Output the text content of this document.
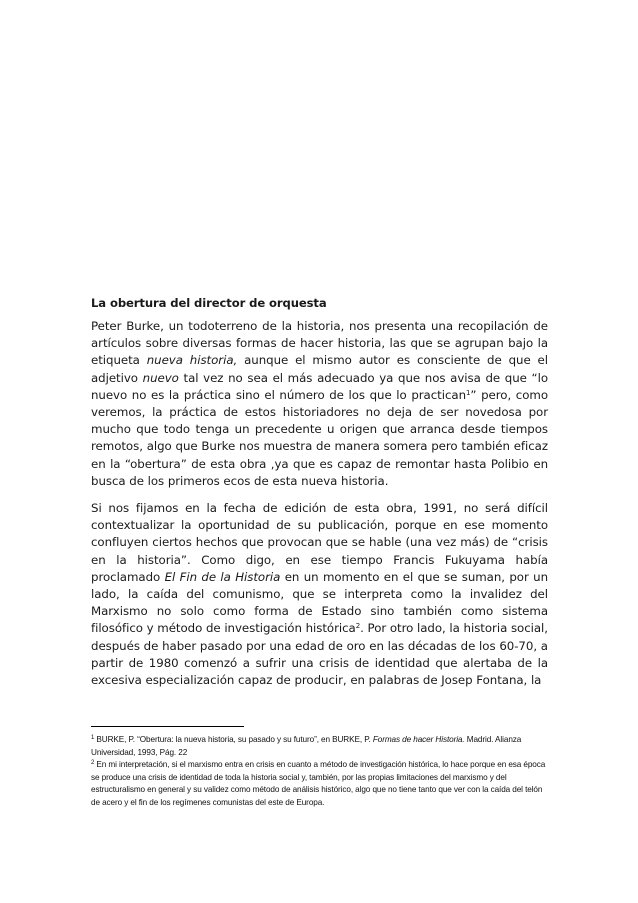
La obertura del director de orquesta

Peter Burke, un todoterreno de la historia, nos presenta una recopilación de artículos sobre diversas formas de hacer historia, las que se agrupan bajo la etiqueta nueva historia, aunque el mismo autor es consciente de que el adjetivo nuevo tal vez no sea el más adecuado ya que nos avisa de que “lo nuevo no es la práctica sino el número de los que lo practican$^1$” pero, como veremos, la práctica de estos historiadores no deja de ser novedosa por mucho que todo tenga un precedente u origen que arranca desde tiempos remotos, algo que Burke nos muestra de manera somera pero también eficaz en la “obertura” de esta obra ,ya que es capaz de remontar hasta Polibio en busca de los primeros ecos de esta nueva historia.

Si nos fijamos en la fecha de edición de esta obra, 1991, no será difícil contextualizar la oportunidad de su publicación, porque en ese momento confluyen ciertos hechos que provocan que se hable (una vez más) de “crisis en la historia”. Como digo, en ese tiempo Francis Fukuyama había proclamado El Fin de la Historia en un momento en el que se suman, por un lado, la caída del comunismo, que se interpreta como la invalidez del Marxismo no solo como forma de Estado sino también como sistema filosófico y método de investigación histórica$^2$. Por otro lado, la historia social, después de haber pasado por una edad de oro en las décadas de los 60-70, a partir de 1980 comenzó a sufrir una crisis de identidad que alertaba de la excesiva especialización capaz de producir, en palabras de Josep Fontana, la

$^1$ BURKE, P. “Obertura: la nueva historia, su pasado y su futuro”, en BURKE, P. Formas de hacer Historia. Madrid. Alianza Universidad, 1993, Pág. 22

$^2$ En mi interpretación, si el marxismo entra en crisis en cuanto a método de investigación histórica, lo hace porque en esa época se produce una crisis de identidad de toda la historia social y, también, por las propias limitaciones del marxismo y del estructuralismo en general y su validez como método de análisis histórico, algo que no tiene tanto que ver con la caída del telón de acero y el fin de los regímenes comunistas del este de Europa.
